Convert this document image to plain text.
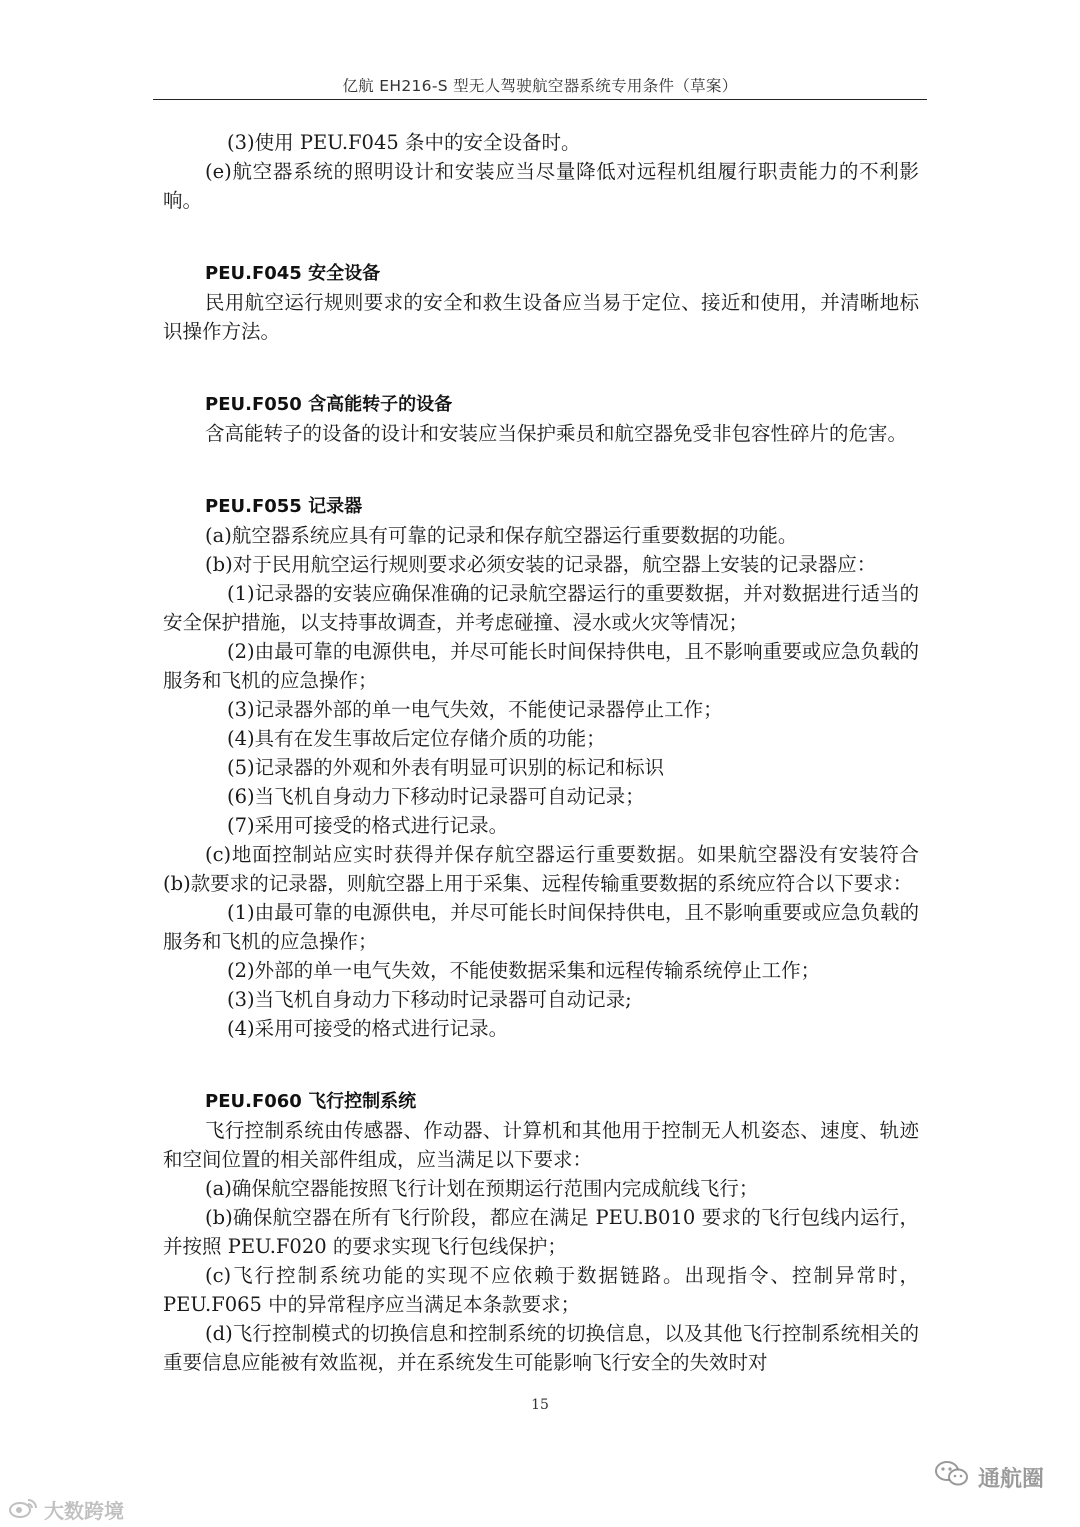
亿航 EH216-S 型无人驾驶航空器系统专用条件（草案）

(3)使用 PEU.F045 条中的安全设备时。

(e)航空器系统的照明设计和安装应当尽量降低对远程机组履行职责能力的不利影响。

PEU.F045 安全设备

民用航空运行规则要求的安全和救生设备应当易于定位、接近和使用，并清晰地标识操作方法。

PEU.F050 含高能转子的设备

含高能转子的设备的设计和安装应当保护乘员和航空器免受非包容性碎片的危害。

PEU.F055 记录器

(a)航空器系统应具有可靠的记录和保存航空器运行重要数据的功能。

(b)对于民用航空运行规则要求必须安装的记录器，航空器上安装的记录器应：

(1)记录器的安装应确保准确的记录航空器运行的重要数据，并对数据进行适当的安全保护措施，以支持事故调查，并考虑碰撞、浸水或火灾等情况；

(2)由最可靠的电源供电，并尽可能长时间保持供电，且不影响重要或应急负载的服务和飞机的应急操作；

(3)记录器外部的单一电气失效，不能使记录器停止工作；

(4)具有在发生事故后定位存储介质的功能；

(5)记录器的外观和外表有明显可识别的标记和标识

(6)当飞机自身动力下移动时记录器可自动记录；

(7)采用可接受的格式进行记录。

(c)地面控制站应实时获得并保存航空器运行重要数据。如果航空器没有安装符合(b)款要求的记录器，则航空器上用于采集、远程传输重要数据的系统应符合以下要求：

(1)由最可靠的电源供电，并尽可能长时间保持供电，且不影响重要或应急负载的服务和飞机的应急操作；

(2)外部的单一电气失效，不能使数据采集和远程传输系统停止工作；

(3)当飞机自身动力下移动时记录器可自动记录;

(4)采用可接受的格式进行记录。

PEU.F060 飞行控制系统

飞行控制系统由传感器、作动器、计算机和其他用于控制无人机姿态、速度、轨迹和空间位置的相关部件组成，应当满足以下要求：

(a)确保航空器能按照飞行计划在预期运行范围内完成航线飞行；

(b)确保航空器在所有飞行阶段，都应在满足 PEU.B010 要求的飞行包线内运行，并按照 PEU.F020 的要求实现飞行包线保护；

(c)飞行控制系统功能的实现不应依赖于数据链路。出现指令、控制异常时，PEU.F065 中的异常程序应当满足本条款要求；

(d)飞行控制模式的切换信息和控制系统的切换信息，以及其他飞行控制系统相关的重要信息应能被有效监视，并在系统发生可能影响飞行安全的失效时对

15
大数跨境
通航圈
